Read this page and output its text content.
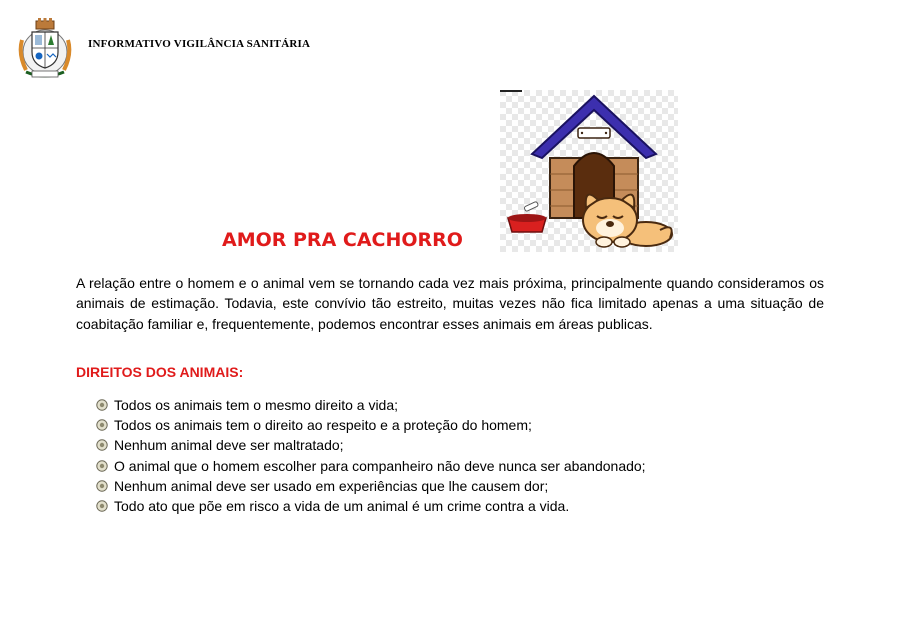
INFORMATIVO VIGILÂNCIA SANITÁRIA
AMOR PRA CACHORRO

A relação entre o homem e o animal vem se tornando cada vez mais próxima, principalmente quando consideramos os animais de estimação. Todavia, este convívio tão estreito, muitas vezes não fica limitado apenas a uma situação de coabitação familiar e, frequentemente, podemos encontrar esses animais em áreas publicas.

DIREITOS DOS ANIMAIS:
Todos os animais tem o mesmo direito a vida;
Todos os animais tem o direito ao respeito e a proteção do homem;
Nenhum animal deve ser maltratado;
O animal que o homem escolher para companheiro não deve nunca ser abandonado;
Nenhum animal deve ser usado em experiências que lhe causem dor;
Todo ato que põe em risco a vida de um animal é um crime contra a vida.
